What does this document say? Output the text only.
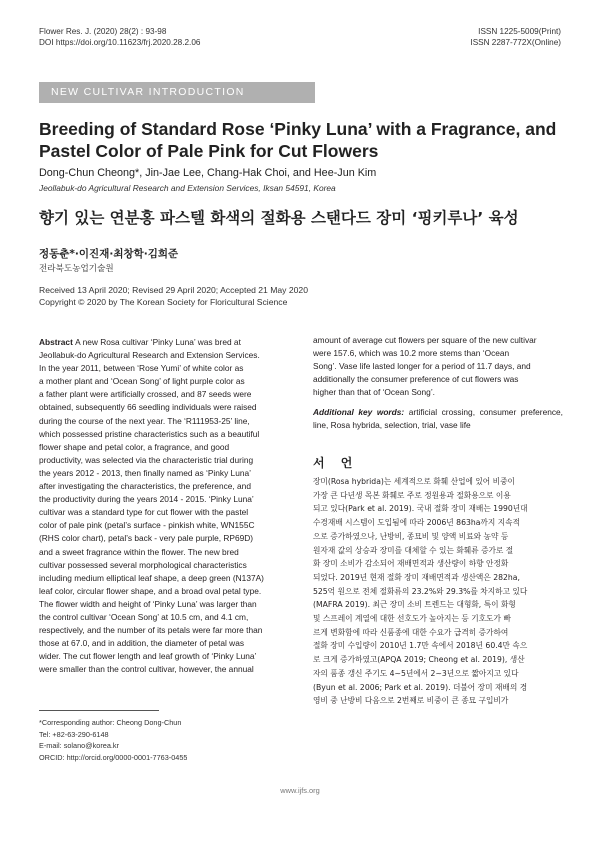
Flower Res. J. (2020) 28(2) : 93-98
DOI https://doi.org/10.11623/frj.2020.28.2.06
ISSN 1225-5009(Print)
ISSN 2287-772X(Online)
NEW CULTIVAR INTRODUCTION
Breeding of Standard Rose ‘Pinky Luna’ with a Fragrance, and Pastel Color of Pale Pink for Cut Flowers
Dong-Chun Cheong*, Jin-Jae Lee, Chang-Hak Choi, and Hee-Jun Kim
Jeollabuk-do Agricultural Research and Extension Services, Iksan 54591, Korea
향기 있는 연분홍 파스텔 화색의 절화용 스탠다드 장미 ‘핑키루나’ 육성
정동춘*·이진재·최창학·김희준
전라북도농업기술원
Received 13 April 2020; Revised 29 April 2020; Accepted 21 May 2020
Copyright © 2020 by The Korean Society for Floricultural Science
Abstract A new Rosa cultivar ‘Pinky Luna’ was bred at
Jeollabuk-do Agricultural Research and Extension Services.
In the year 2011, between ‘Rose Yumi’ of white color as
a mother plant and ‘Ocean Song’ of light purple color as
a father plant were artificially crossed, and 87 seeds were
obtained, subsequently 66 seedling individuals were raised
during the course of the next year. The ‘R111953-25’ line,
which possessed pristine characteristics such as a beautiful
flower shape and petal color, a fragrance, and good
productivity, was selected via the characteristic trial during
the years 2012 - 2013, then finally named as ‘Pinky Luna’
after investigating the characteristics, the preference, and
the productivity during the years 2014 - 2015. ‘Pinky Luna’
cultivar was a standard type for cut flower with the pastel
color of pale pink (petal’s surface - pinkish white, WN155C
(RHS color chart), petal’s back - very pale purple, RP69D)
and a sweet fragrance within the flower. The new bred
cultivar possessed several morphological characteristics
including medium elliptical leaf shape, a deep green (N137A)
leaf color, circular flower shape, and a broad oval petal type.
The flower width and height of ‘Pinky Luna’ was larger than
the control cultivar ‘Ocean Song’ at 10.5 cm, and 4.1 cm,
respectively, and the number of its petals were far more than
those at 67.0, and in addition, the diameter of petal was
wider. The cut flower length and leaf growth of ‘Pinky Luna’
were smaller than the control cultivar, however, the annual
amount of average cut flowers per square of the new cultivar
were 157.6, which was 10.2 more stems than ‘Ocean
Song’. Vase life lasted longer for a period of 11.7 days, and
additionally the consumer preference of cut flowers was
higher than that of ‘Ocean Song’.
Additional key words: artificial crossing, consumer preference, line, Rosa hybrida, selection, trial, vase life
서 언
장미(Rosa hybrida)는 세계적으로 화훼 산업에 있어 비중이
가장 큰 다년생 목본 화훼로 주로 정원용과 절화용으로 이용
되고 있다(Park et al. 2019). 국내 절화 장미 재배는 1990년대
수경재배 시스템이 도입됨에 따라 2006년 863ha까지 지속적
으로 증가하였으나, 난방비, 종묘비 및 양액 비료와 농약 등
원자재 값의 상승과 장미를 대체할 수 있는 화훼류 증가로 절
화 장미 소비가 감소되어 재배면적과 생산량이 하향 안정화
되었다. 2019년 현재 절화 장미 재배면적과 생산액은 282ha,
525억 원으로 전체 절화류의 23.2%와 29.3%를 차지하고 있다
(MAFRA 2019). 최근 장미 소비 트렌드는 대형화, 특이 화형
및 스프레이 계열에 대한 선호도가 높아지는 등 기호도가 빠
르게 변화함에 따라 신품종에 대한 수요가 급격히 증가하여
절화 장미 수입량이 2010년 1.7만 속에서 2018년 60.4만 속으
로 크게 증가하였고(APQA 2019; Cheong et al. 2019), 생산
자의 품종 갱신 주기도 4~5년에서 2~3년으로 짧아지고 있다
(Byun et al. 2006; Park et al. 2019). 더불어 장미 재배의 경
영비 중 난방비 다음으로 2번째로 비중이 큰 종묘 구입비가
*Corresponding author: Cheong Dong-Chun
Tel: +82-63-290-6148
E-mail: solano@korea.kr
ORCID: http://orcid.org/0000-0001-7763-0455
www.ijfs.org
